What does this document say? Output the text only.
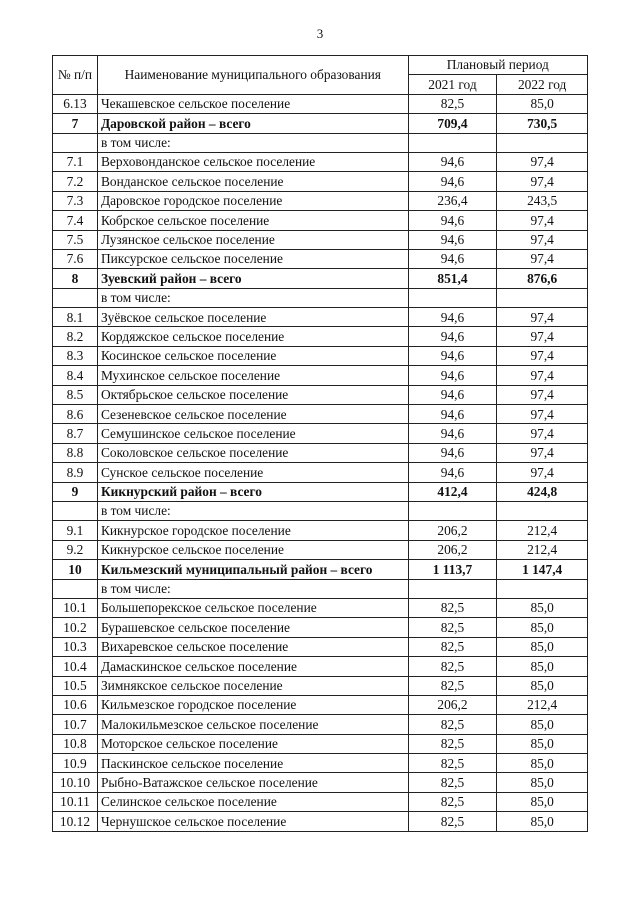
3
№ п/п	Наименование муниципального образования	Плановый период	
		2021 год	2022 год
6.13	Чекашевское сельское поселение	82,5	85,0
7	Даровской район – всего	709,4	730,5
	в том числе:		
7.1	Верховонданское сельское поселение	94,6	97,4
7.2	Вонданское сельское поселение	94,6	97,4
7.3	Даровское городское поселение	236,4	243,5
7.4	Кобрское сельское поселение	94,6	97,4
7.5	Лузянское сельское поселение	94,6	97,4
7.6	Пиксурское сельское поселение	94,6	97,4
8	Зуевский район – всего	851,4	876,6
	в том числе:		
8.1	Зуёвское сельское поселение	94,6	97,4
8.2	Кордяжское сельское поселение	94,6	97,4
8.3	Косинское сельское поселение	94,6	97,4
8.4	Мухинское сельское поселение	94,6	97,4
8.5	Октябрьское сельское поселение	94,6	97,4
8.6	Сезеневское сельское поселение	94,6	97,4
8.7	Семушинское сельское поселение	94,6	97,4
8.8	Соколовское сельское поселение	94,6	97,4
8.9	Сунское сельское поселение	94,6	97,4
9	Кикнурский район – всего	412,4	424,8
	в том числе:		
9.1	Кикнурское городское поселение	206,2	212,4
9.2	Кикнурское сельское поселение	206,2	212,4
10	Кильмезский муниципальный район – всего	1 113,7	1 147,4
	в том числе:		
10.1	Большепорекское сельское поселение	82,5	85,0
10.2	Бурашевское сельское поселение	82,5	85,0
10.3	Вихаревское сельское поселение	82,5	85,0
10.4	Дамаскинское сельское поселение	82,5	85,0
10.5	Зимнякское сельское поселение	82,5	85,0
10.6	Кильмезское городское поселение	206,2	212,4
10.7	Малокильмезское сельское поселение	82,5	85,0
10.8	Моторское сельское поселение	82,5	85,0
10.9	Паскинское сельское поселение	82,5	85,0
10.10	Рыбно-Ватажское сельское поселение	82,5	85,0
10.11	Селинское сельское поселение	82,5	85,0
10.12	Чернушское сельское поселение	82,5	85,0
